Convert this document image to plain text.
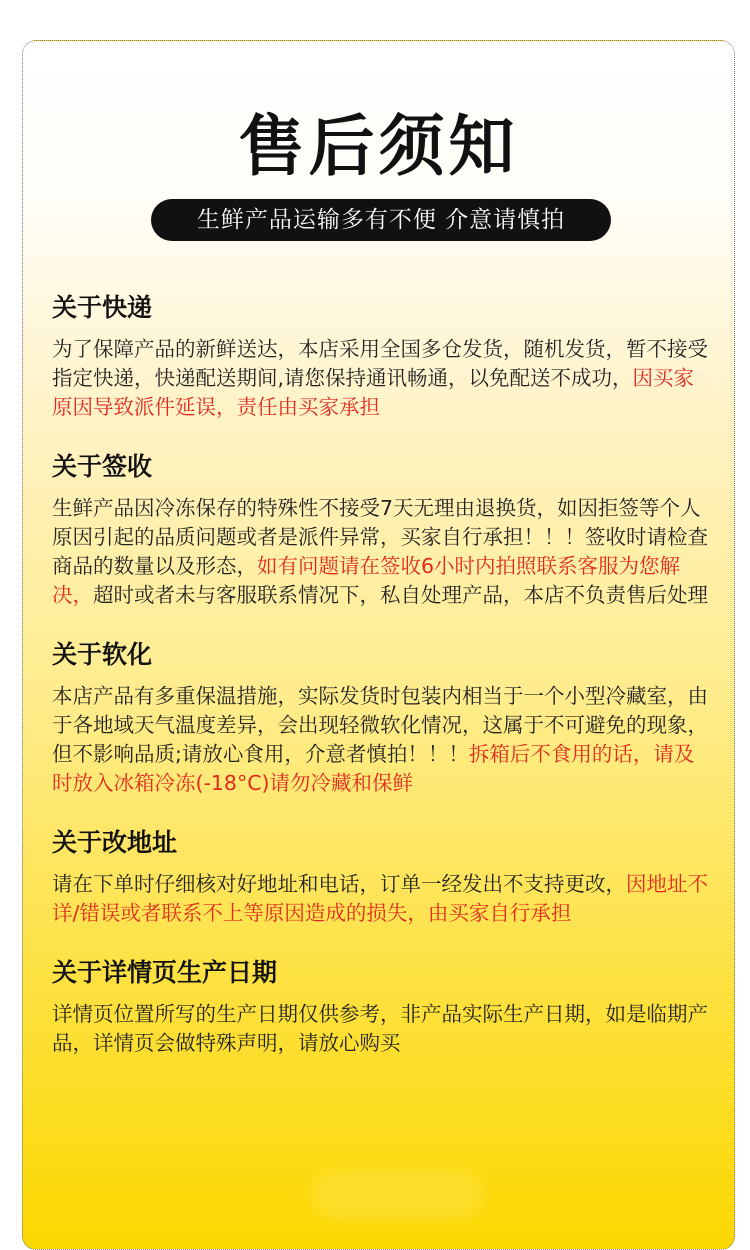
售后须知
生鲜产品运输多有不便 介意请慎拍
关于快递

为了保障产品的新鲜送达，本店采用全国多仓发货，随机发货，暂不接受指定快递，快递配送期间,请您保持通讯畅通，以免配送不成功，因买家原因导致派件延误，责任由买家承担

关于签收

生鲜产品因冷冻保存的特殊性不接受7天无理由退换货，如因拒签等个人原因引起的品质问题或者是派件异常，买家自行承担！！！签收时请检查商品的数量以及形态，如有问题请在签收6小时内拍照联系客服为您解决，超时或者未与客服联系情况下，私自处理产品，本店不负责售后处理

关于软化

本店产品有多重保温措施，实际发货时包装内相当于一个小型冷藏室，由于各地域天气温度差异，会出现轻微软化情况，这属于不可避免的现象，但不影响品质;请放心食用，介意者慎拍！！！拆箱后不食用的话，请及时放入冰箱冷冻(-18°C)请勿冷藏和保鲜

关于改地址

请在下单时仔细核对好地址和电话，订单一经发出不支持更改，因地址不详/错误或者联系不上等原因造成的损失，由买家自行承担

关于详情页生产日期

详情页位置所写的生产日期仅供参考，非产品实际生产日期，如是临期产品，详情页会做特殊声明，请放心购买
